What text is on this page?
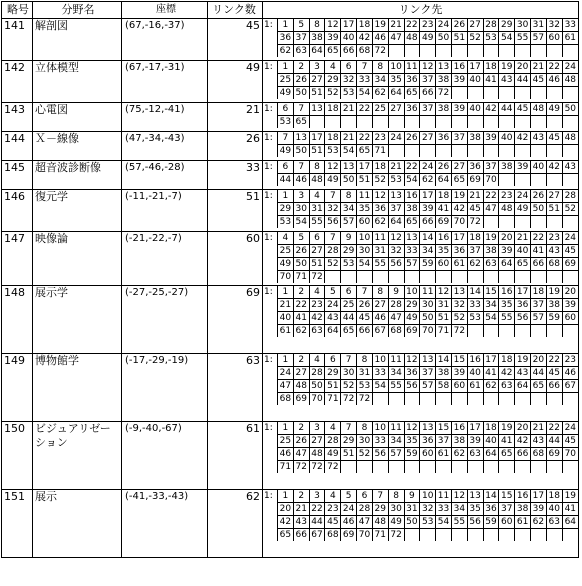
略号	分野名	座標	リンク数	リンク先
141	解剖図	(67,-16,-37)	45	1:	1	5	8	12	17	18	19	21	22	23	24	26	27	28	29	30	31	32	33
	36	37	38	39	40	42	46	47	48	49	50	51	52	53	54	55	57	60	61
	62	63	64	65	66	68	72												

142	立体模型	(67,-17,-31)	49	1:	1	2	3	4	6	7	8	10	11	12	13	16	17	18	19	20	21	22	24
	25	26	27	29	32	33	34	35	36	37	38	39	40	41	43	44	45	46	48
	49	50	51	52	53	54	62	64	65	66	72								

143	心電図	(75,-12,-41)	21	1:	6	7	13	18	21	22	25	27	36	37	38	39	40	42	44	45	48	49	50
	53	65																	

144	Ｘ－線像	(47,-34,-43)	26	1:	7	13	17	18	21	22	23	24	26	27	36	37	38	39	40	42	43	45	48
	49	50	51	53	54	65	71												

145	超音波診断像	(57,-46,-28)	33	1:	6	7	8	12	13	17	18	21	22	24	26	27	36	37	38	39	40	42	43
	44	46	48	49	50	51	52	53	54	62	64	65	69	70					

146	復元学	(-11,-21,-7)	51	1:	1	3	4	7	8	11	12	13	16	17	18	19	21	22	23	24	26	27	28
	29	30	31	32	34	35	36	37	38	39	41	42	45	47	48	49	50	51	52
	53	54	55	56	57	60	62	64	65	66	69	70	72						

147	映像論	(-21,-22,-7)	60	1:	4	5	6	7	9	10	11	12	13	14	16	17	18	19	20	21	22	23	24
	25	26	27	28	29	30	31	32	33	34	35	36	37	38	39	40	41	43	45
	49	50	51	52	53	54	55	56	57	59	60	61	62	63	64	65	66	68	69
	70	71	72																

148	展示学	(-27,-25,-27)	69	1:	1	2	4	5	6	7	8	9	10	11	12	13	14	15	16	17	18	19	20
	21	22	23	24	25	26	27	28	29	30	31	32	33	34	35	36	37	38	39
	40	41	42	43	44	45	46	47	49	50	51	52	53	54	55	56	57	59	60
	61	62	63	64	65	66	67	68	69	70	71	72							

149	博物館学	(-17,-29,-19)	63	1:	1	2	4	6	7	8	10	11	12	13	14	15	16	17	18	19	20	22	23
	24	27	28	29	30	31	33	34	36	37	38	39	40	41	42	43	44	45	46
	47	48	50	51	52	53	54	55	56	57	58	60	61	62	63	64	65	66	67
	68	69	70	71	72	72													

150	ビジュアリゼーション	(-9,-40,-67)	61	1:	1	2	3	4	7	8	10	11	12	13	15	16	17	18	19	20	21	22	24
	25	26	27	28	29	30	33	34	35	36	37	38	39	40	41	42	43	44	45
	46	47	48	49	51	52	56	57	59	60	61	62	63	64	65	66	68	69	70
	71	72	72	72															

151	展示	(-41,-33,-43)	62	1:	1	2	3	4	5	6	7	8	9	10	11	12	13	14	15	16	17	18	19
	20	21	22	23	24	28	29	30	31	32	33	34	35	36	37	38	39	40	41
	42	43	44	45	46	47	48	49	50	53	54	55	56	59	60	61	62	63	64
	65	66	67	68	69	70	71	72											
